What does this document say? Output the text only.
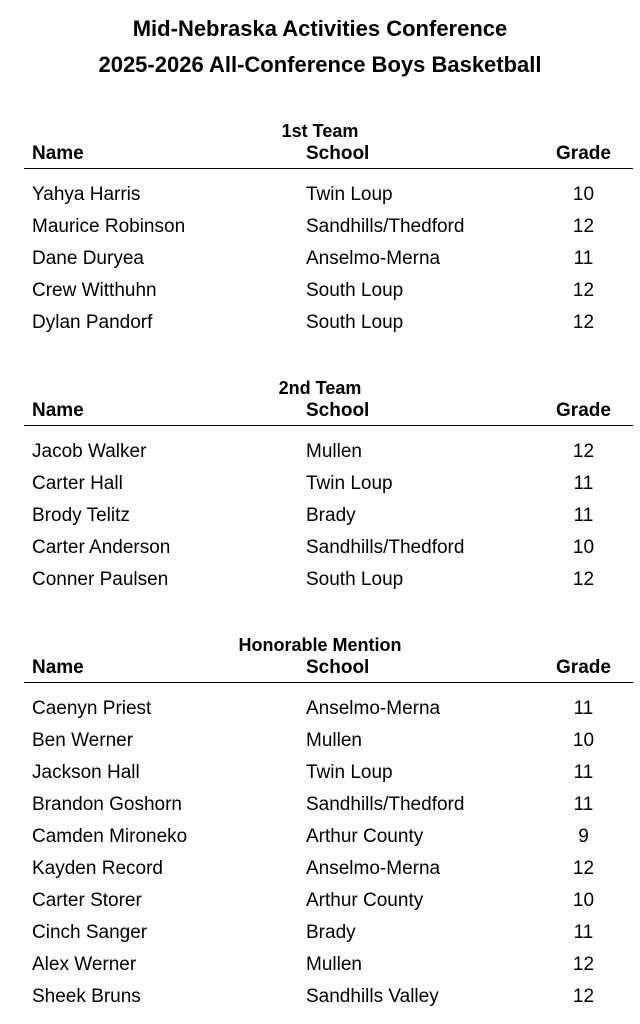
Mid-Nebraska Activities Conference
2025-2026 All-Conference Boys Basketball
1st Team
Name	School	Grade
Yahya Harris	Twin Loup	10
Maurice Robinson	Sandhills/Thedford	12
Dane Duryea	Anselmo-Merna	11
Crew Witthuhn	South Loup	12
Dylan Pandorf	South Loup	12
2nd Team
Name	School	Grade
Jacob Walker	Mullen	12
Carter Hall	Twin Loup	11
Brody Telitz	Brady	11
Carter Anderson	Sandhills/Thedford	10
Conner Paulsen	South Loup	12
Honorable Mention
Name	School	Grade
Caenyn Priest	Anselmo-Merna	11
Ben Werner	Mullen	10
Jackson Hall	Twin Loup	11
Brandon Goshorn	Sandhills/Thedford	11
Camden Mironeko	Arthur County	9
Kayden Record	Anselmo-Merna	12
Carter Storer	Arthur County	10
Cinch Sanger	Brady	11
Alex Werner	Mullen	12
Sheek Bruns	Sandhills Valley	12
